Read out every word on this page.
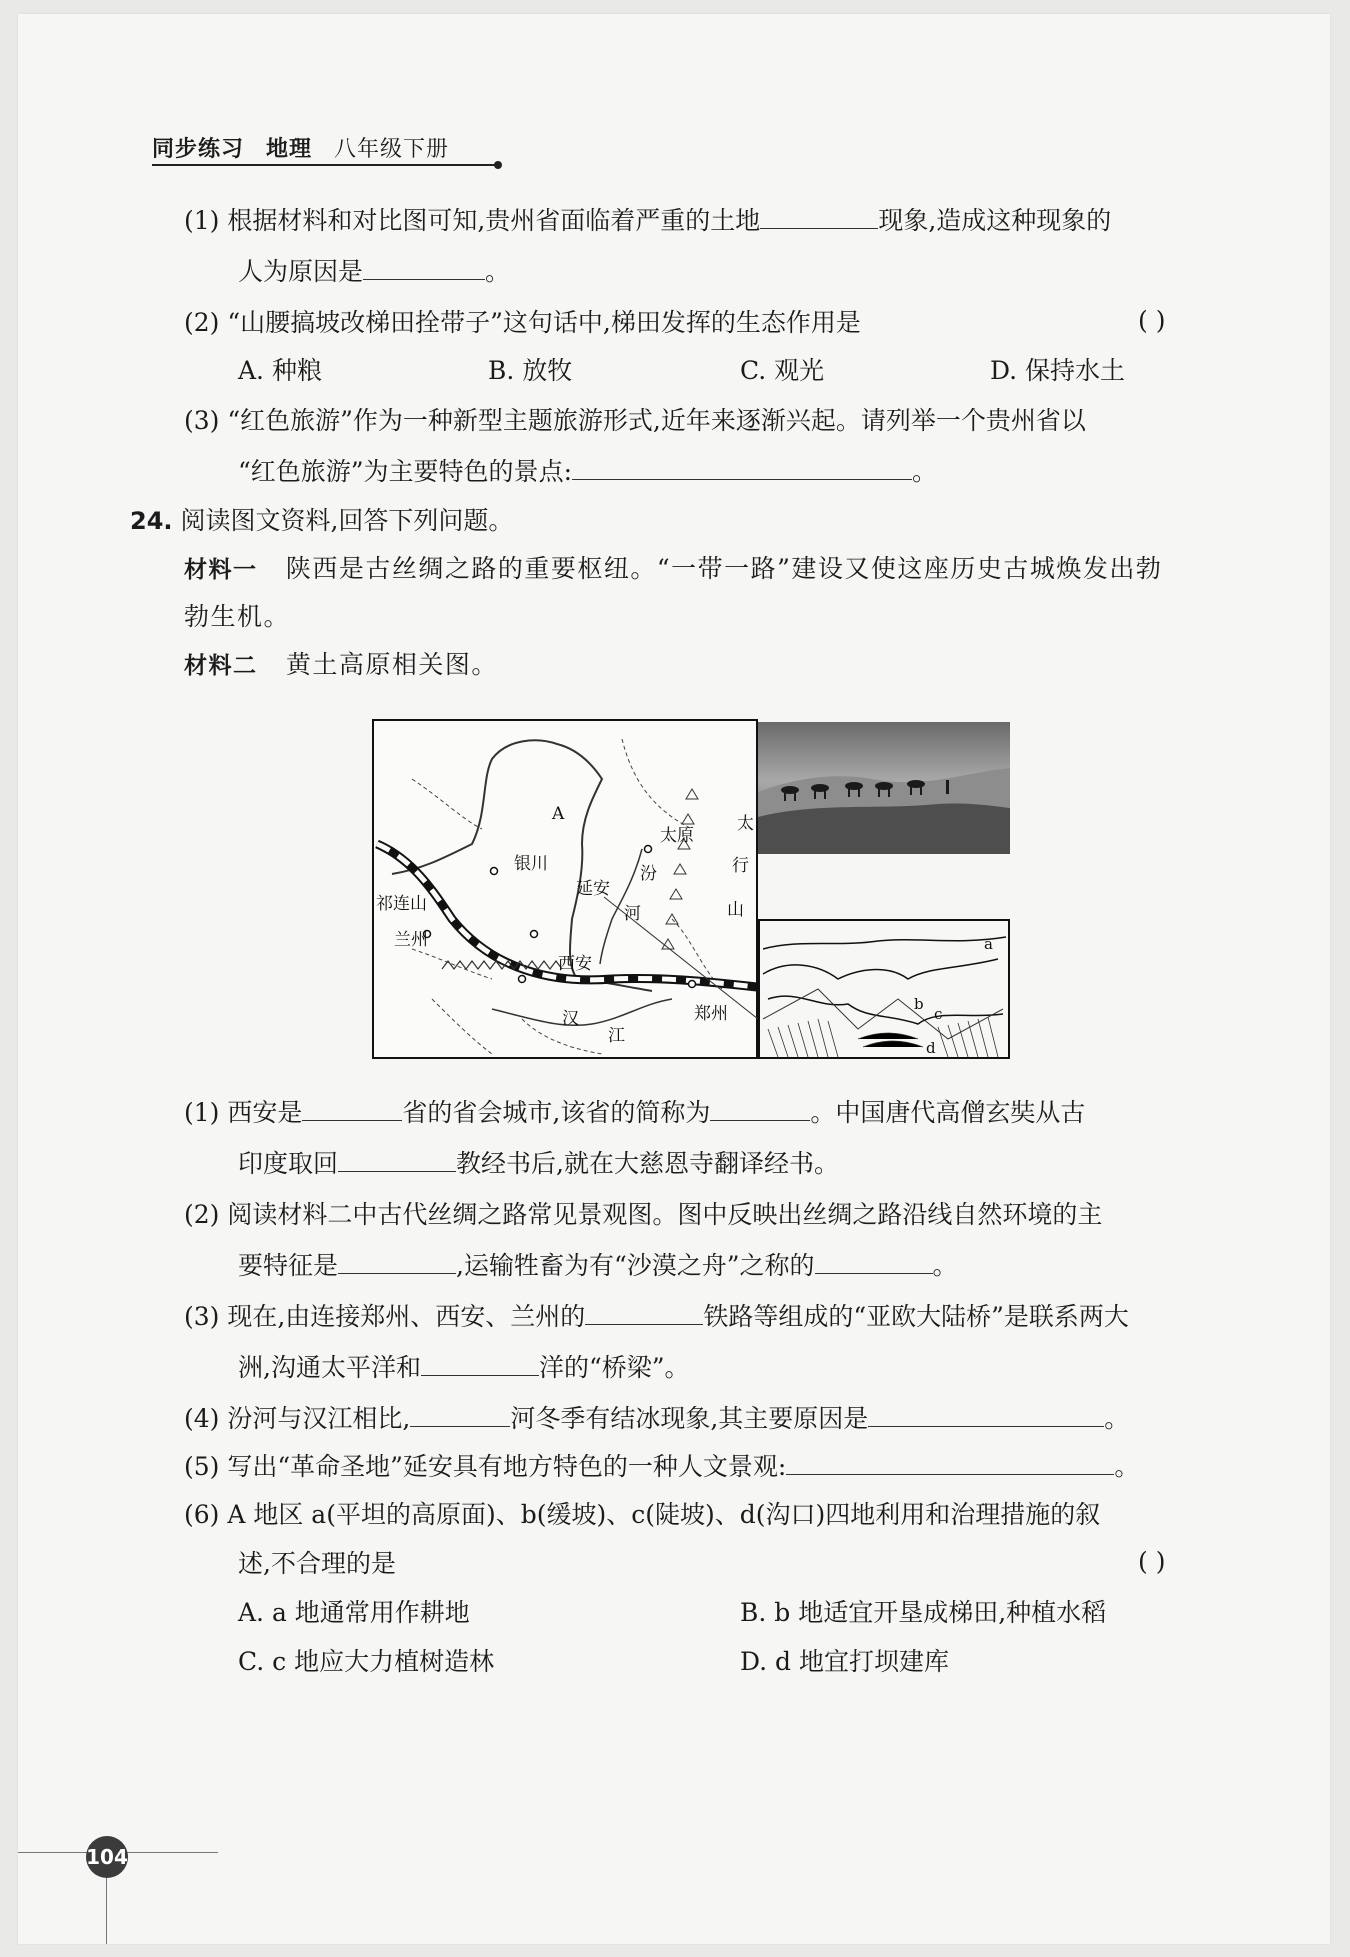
同步练习 地理 八年级下册
(1) 根据材料和对比图可知,贵州省面临着严重的土地	现象,造成这种现象的
人为原因是	。
(2) “山腰搞坡改梯田拴带子”这句话中,梯田发挥的生态作用是	( )
A. 种粮	B. 放牧	C. 观光	D. 保持水土
(3) “红色旅游”作为一种新型主题旅游形式,近年来逐渐兴起。请列举一个贵州省以
“红色旅游”为主要特色的景点:	。
24. 阅读图文资料,回答下列问题。
材料一 陕西是古丝绸之路的重要枢纽。“一带一路”建设又使这座历史古城焕发出勃
勃生机。
材料二 黄土高原相关图。
A
银川
延安
太原
太
行
山
汾
河
祁连山
兰州
西安
郑州
汉
江
a
b
c
d
(1) 西安是	省的省会城市,该省的简称为	。中国唐代高僧玄奘从古
印度取回	教经书后,就在大慈恩寺翻译经书。
(2) 阅读材料二中古代丝绸之路常见景观图。图中反映出丝绸之路沿线自然环境的主
要特征是	,运输牲畜为有“沙漠之舟”之称的	。
(3) 现在,由连接郑州、西安、兰州的	铁路等组成的“亚欧大陆桥”是联系两大
洲,沟通太平洋和	洋的“桥梁”。
(4) 汾河与汉江相比,	河冬季有结冰现象,其主要原因是	。
(5) 写出“革命圣地”延安具有地方特色的一种人文景观:	。
(6) A 地区 a(平坦的高原面)、b(缓坡)、c(陡坡)、d(沟口)四地利用和治理措施的叙
述,不合理的是	( )
A. a 地通常用作耕地	B. b 地适宜开垦成梯田,种植水稻
C. c 地应大力植树造林	D. d 地宜打坝建库
104
